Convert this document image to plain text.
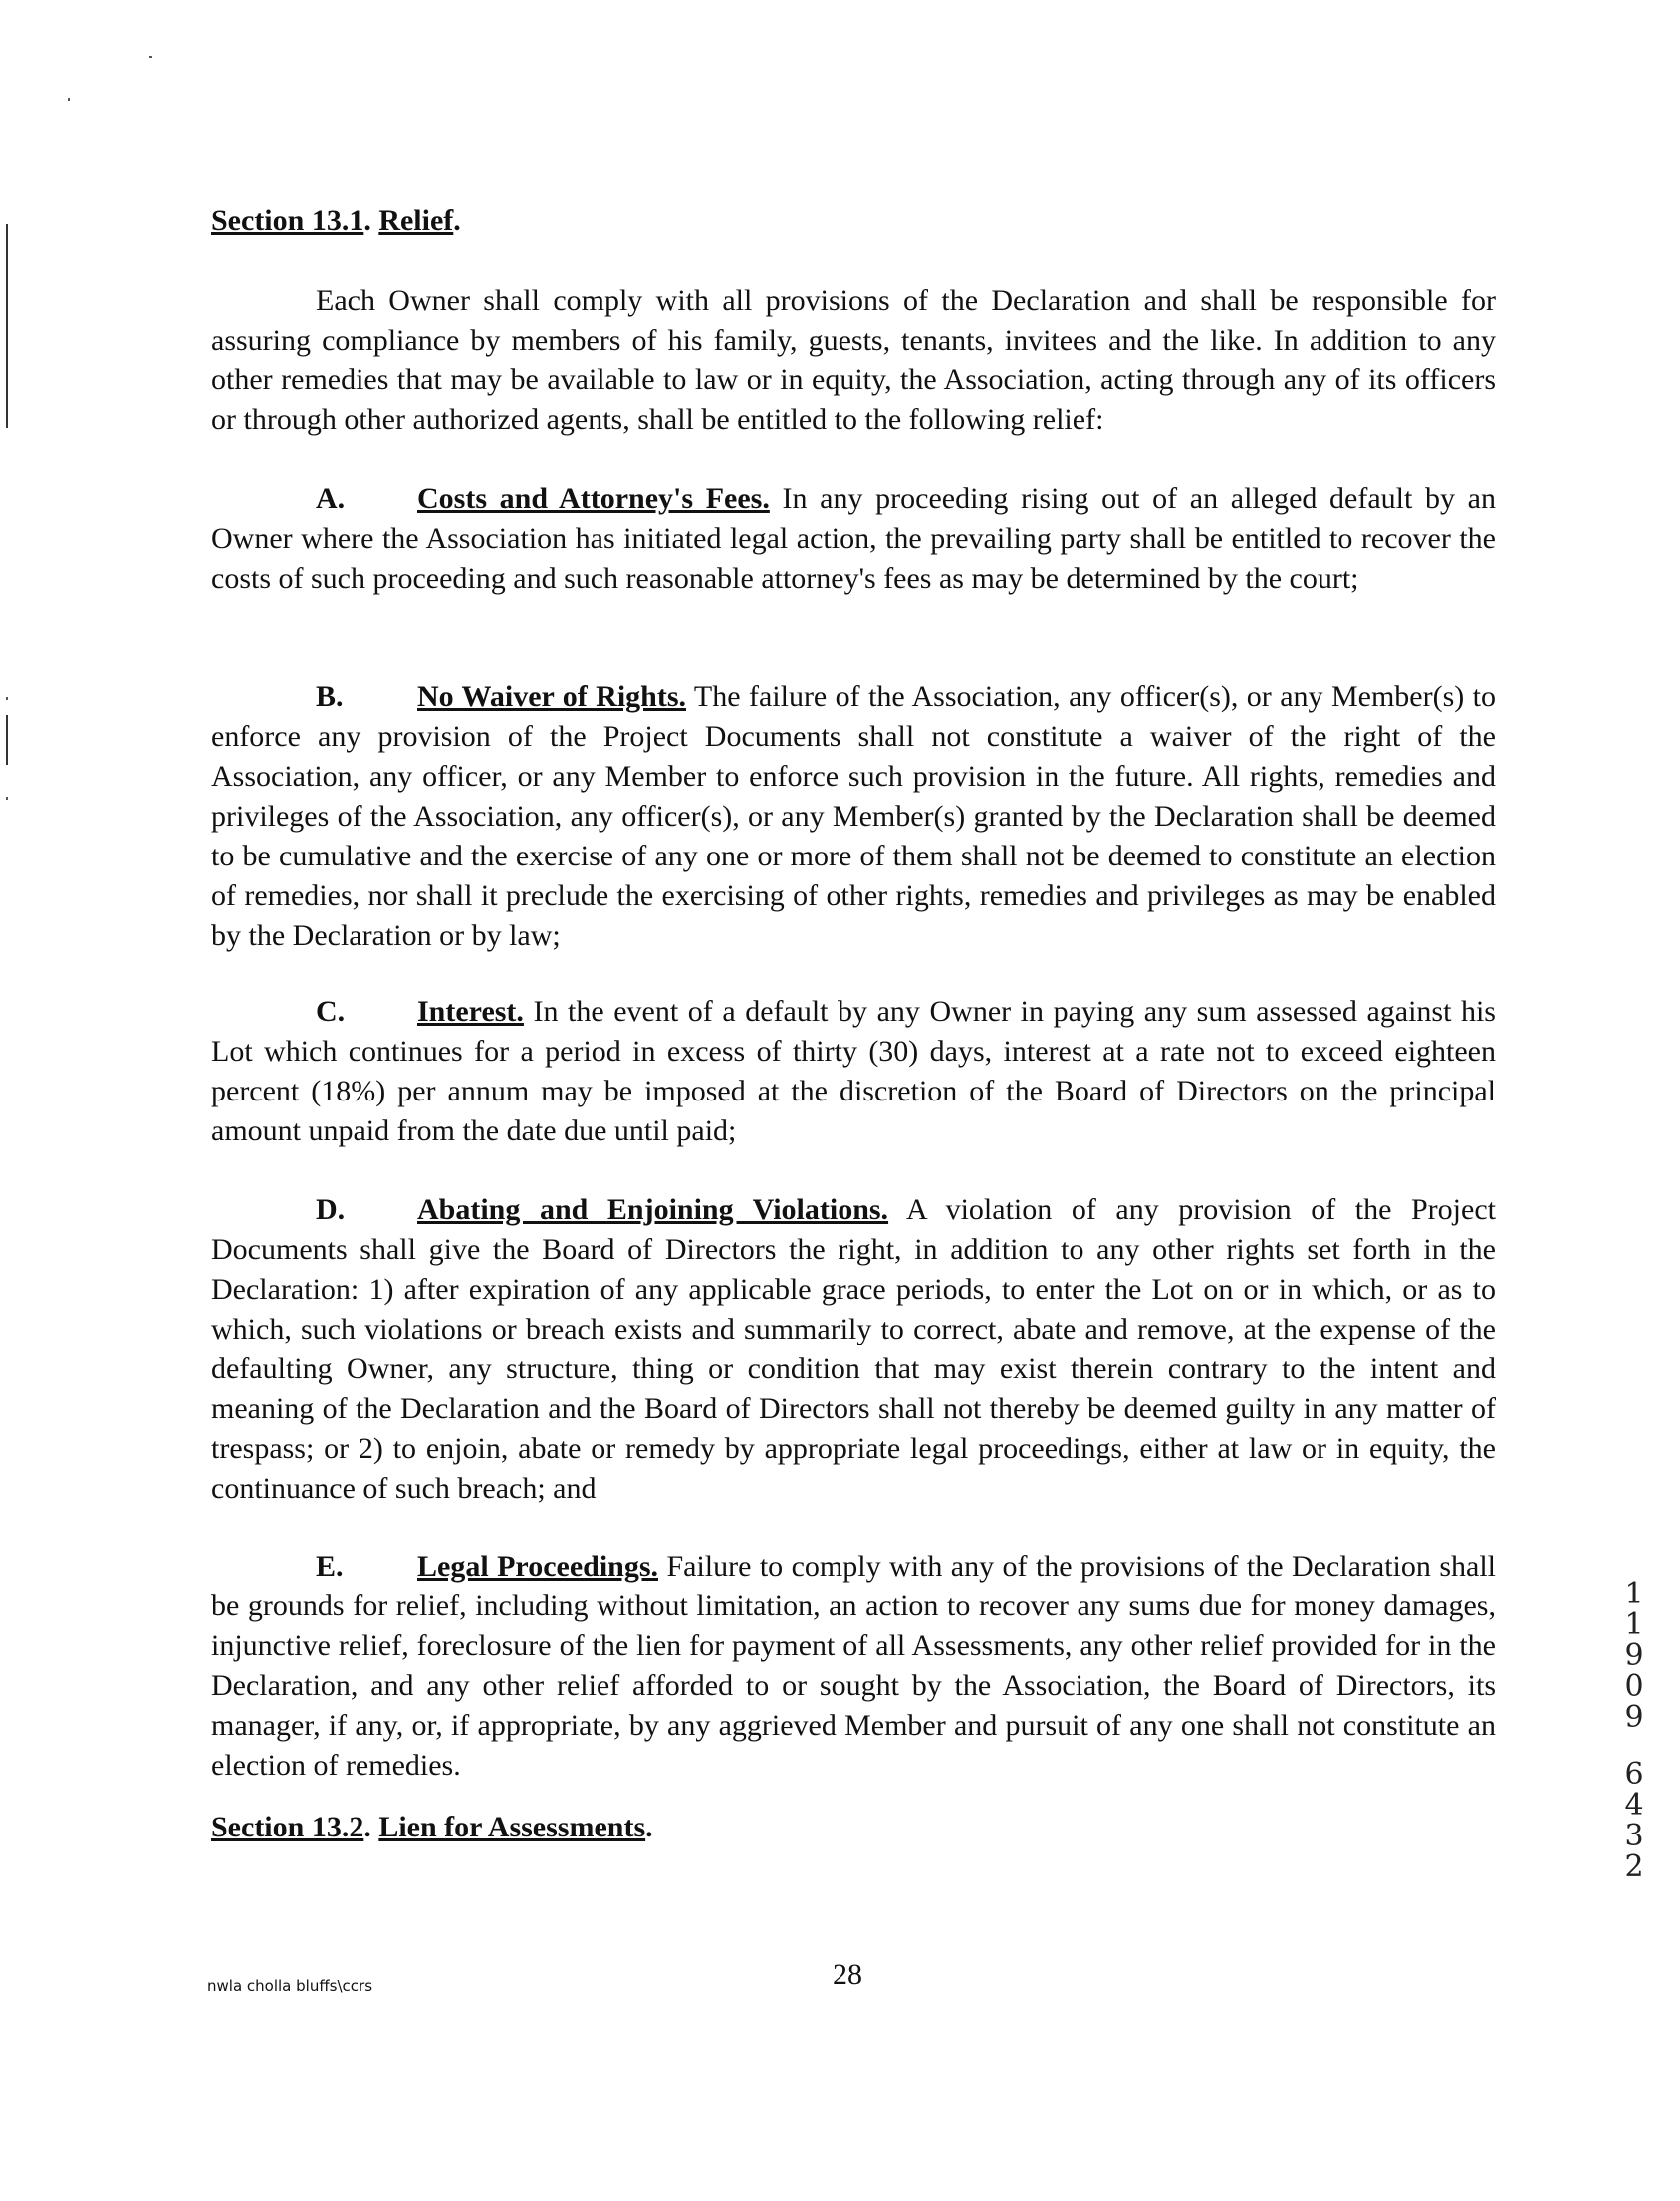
Section 13.1. Relief.
Each Owner shall comply with all provisions of the Declaration and shall be responsible for assuring compliance by members of his family, guests, tenants, invitees and the like. In addition to any other remedies that may be available to law or in equity, the Association, acting through any of its officers or through other authorized agents, shall be entitled to the following relief:
A. Costs and Attorney's Fees. In any proceeding rising out of an alleged default by an Owner where the Association has initiated legal action, the prevailing party shall be entitled to recover the costs of such proceeding and such reasonable attorney's fees as may be determined by the court;
B. No Waiver of Rights. The failure of the Association, any officer(s), or any Member(s) to enforce any provision of the Project Documents shall not constitute a waiver of the right of the Association, any officer, or any Member to enforce such provision in the future. All rights, remedies and privileges of the Association, any officer(s), or any Member(s) granted by the Declaration shall be deemed to be cumulative and the exercise of any one or more of them shall not be deemed to constitute an election of remedies, nor shall it preclude the exercising of other rights, remedies and privileges as may be enabled by the Declaration or by law;
C. Interest. In the event of a default by any Owner in paying any sum assessed against his Lot which continues for a period in excess of thirty (30) days, interest at a rate not to exceed eighteen percent (18%) per annum may be imposed at the discretion of the Board of Directors on the principal amount unpaid from the date due until paid;
D. Abating and Enjoining Violations. A violation of any provision of the Project Documents shall give the Board of Directors the right, in addition to any other rights set forth in the Declaration: 1) after expiration of any applicable grace periods, to enter the Lot on or in which, or as to which, such violations or breach exists and summarily to correct, abate and remove, at the expense of the defaulting Owner, any structure, thing or condition that may exist therein contrary to the intent and meaning of the Declaration and the Board of Directors shall not thereby be deemed guilty in any matter of trespass; or 2) to enjoin, abate or remedy by appropriate legal proceedings, either at law or in equity, the continuance of such breach; and
E. Legal Proceedings. Failure to comply with any of the provisions of the Declaration shall be grounds for relief, including without limitation, an action to recover any sums due for money damages, injunctive relief, foreclosure of the lien for payment of all Assessments, any other relief provided for in the Declaration, and any other relief afforded to or sought by the Association, the Board of Directors, its manager, if any, or, if appropriate, by any aggrieved Member and pursuit of any one shall not constitute an election of remedies.
Section 13.2. Lien for Assessments.
nwla cholla bluffs\ccrs	28
1
1
9
0
9
6
4
3
2
